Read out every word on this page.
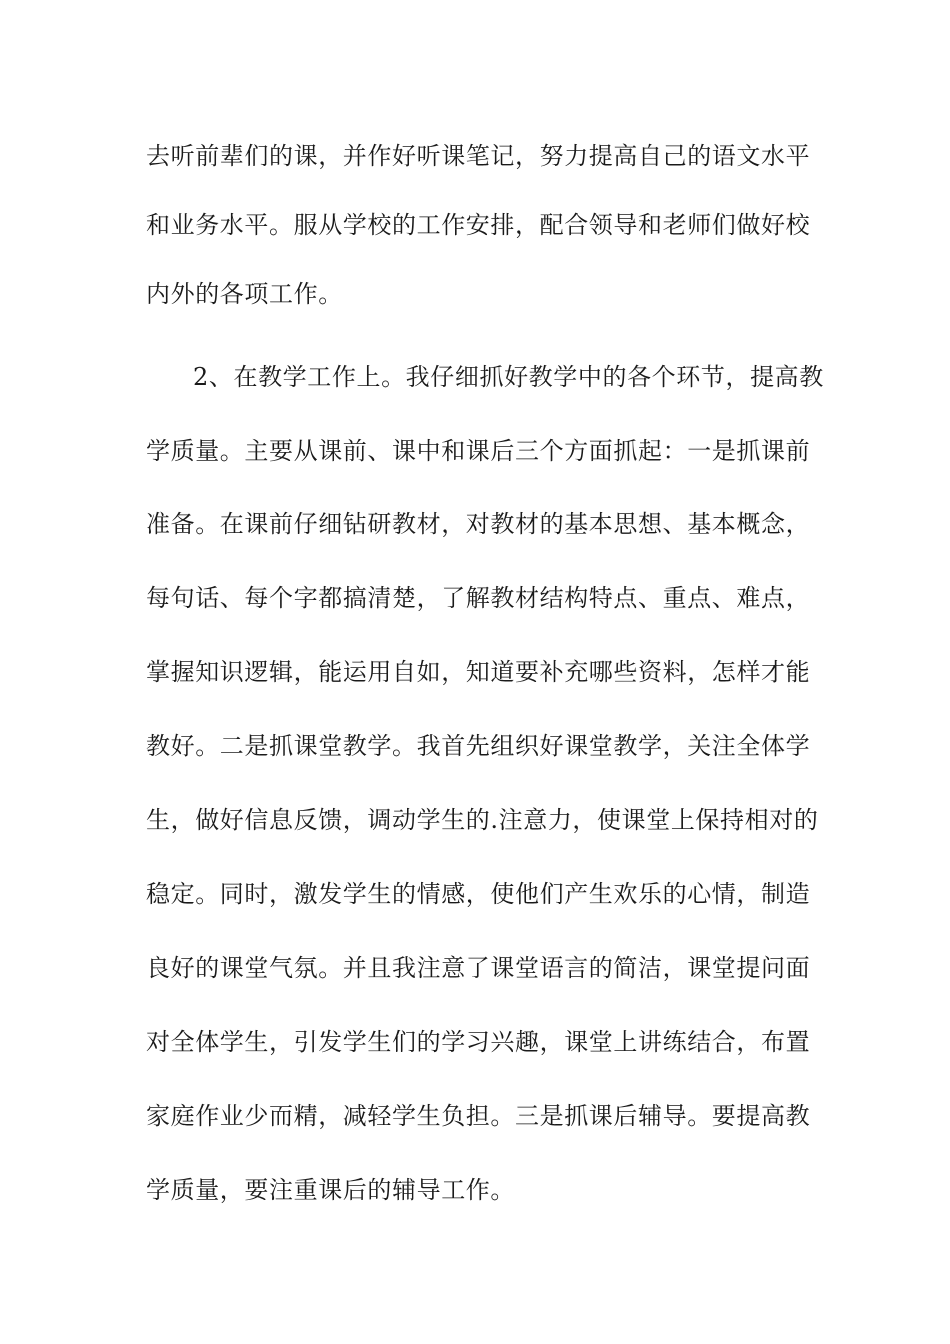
去听前辈们的课，并作好听课笔记，努力提高自己的语文水平
和业务水平。服从学校的工作安排，配合领导和老师们做好校
内外的各项工作。
2、在教学工作上。我仔细抓好教学中的各个环节，提高教
学质量。主要从课前、课中和课后三个方面抓起：一是抓课前
准备。在课前仔细钻研教材，对教材的基本思想、基本概念，
每句话、每个字都搞清楚，了解教材结构特点、重点、难点，
掌握知识逻辑，能运用自如，知道要补充哪些资料，怎样才能
教好。二是抓课堂教学。我首先组织好课堂教学，关注全体学
生，做好信息反馈，调动学生的.注意力，使课堂上保持相对的
稳定。同时，激发学生的情感，使他们产生欢乐的心情，制造
良好的课堂气氛。并且我注意了课堂语言的简洁，课堂提问面
对全体学生，引发学生们的学习兴趣，课堂上讲练结合，布置
家庭作业少而精，减轻学生负担。三是抓课后辅导。要提高教
学质量，要注重课后的辅导工作。
